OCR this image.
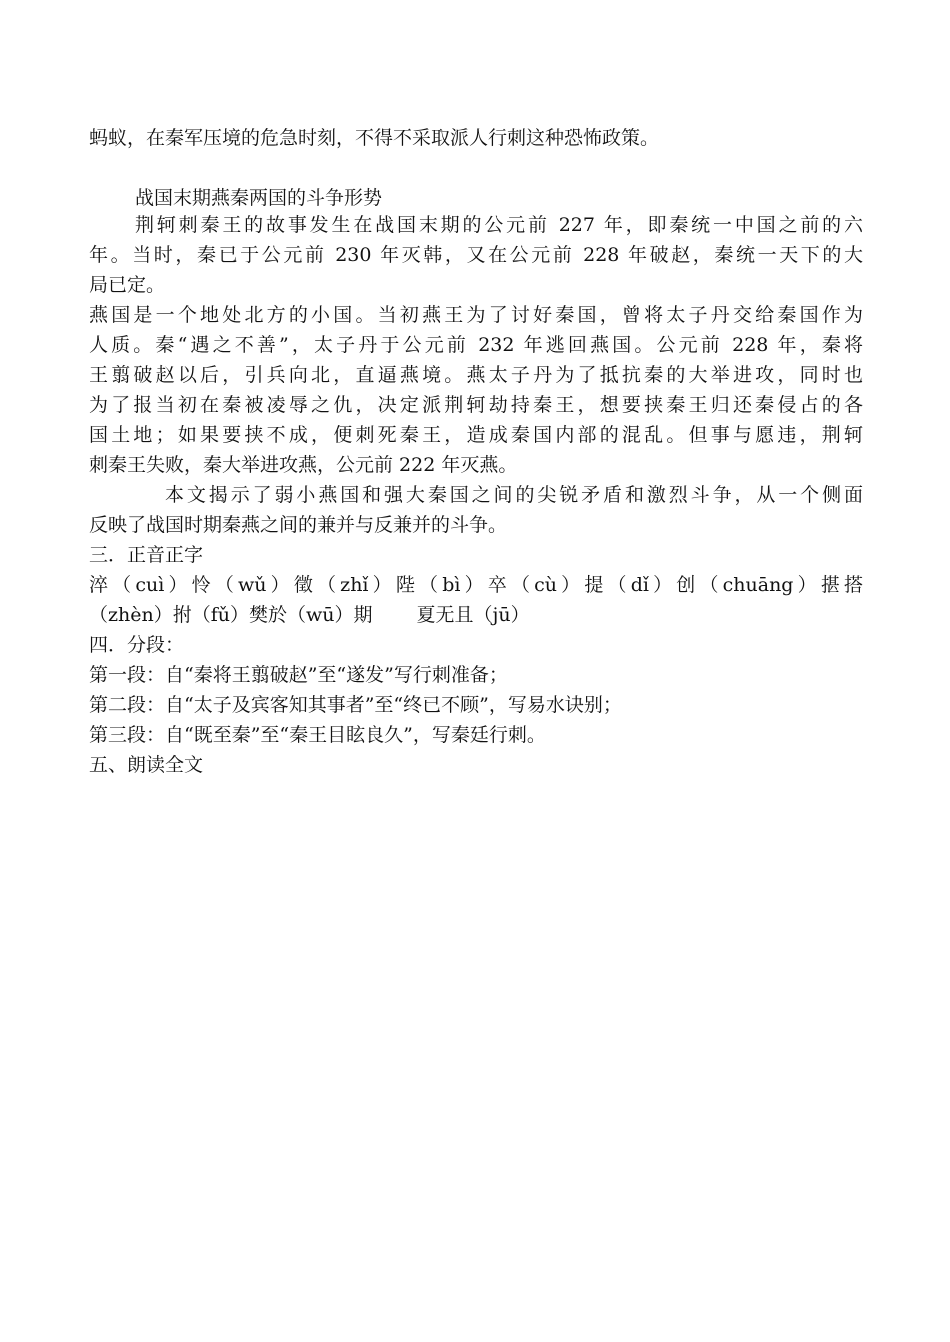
蚂蚁，在秦军压境的危急时刻，不得不采取派人行刺这种恐怖政策。
战国末期燕秦两国的斗争形势
荆轲刺秦王的故事发生在战国末期的公元前 227 年，即秦统一中国之前的六
年。当时，秦已于公元前 230 年灭韩，又在公元前 228 年破赵，秦统一天下的大
局已定。
燕国是一个地处北方的小国。当初燕王为了讨好秦国，曾将太子丹交给秦国作为
人质。秦“遇之不善”，太子丹于公元前 232 年逃回燕国。公元前 228 年，秦将
王翦破赵以后，引兵向北，直逼燕境。燕太子丹为了抵抗秦的大举进攻，同时也
为了报当初在秦被凌辱之仇，决定派荆轲劫持秦王，想要挟秦王归还秦侵占的各
国土地；如果要挟不成，便刺死秦王，造成秦国内部的混乱。但事与愿违，荆轲
刺秦王失败，秦大举进攻燕，公元前 222 年灭燕。
本文揭示了弱小燕国和强大秦国之间的尖锐矛盾和激烈斗争，从一个侧面
反映了战国时期秦燕之间的兼并与反兼并的斗争。
三．正音正字
淬（cuì）怜（wǔ）徵（zhǐ）陛（bì）卒（cù）提（dǐ）创（chuāng）揕搭
（zhèn）拊（fǔ）樊於（wū）期 夏无且（jū）
四．分段：
第一段：自“秦将王翦破赵”至“遂发”写行刺准备；
第二段：自“太子及宾客知其事者”至“终已不顾”，写易水诀别；
第三段：自“既至秦”至“秦王目眩良久”，写秦廷行刺。
五、朗读全文
